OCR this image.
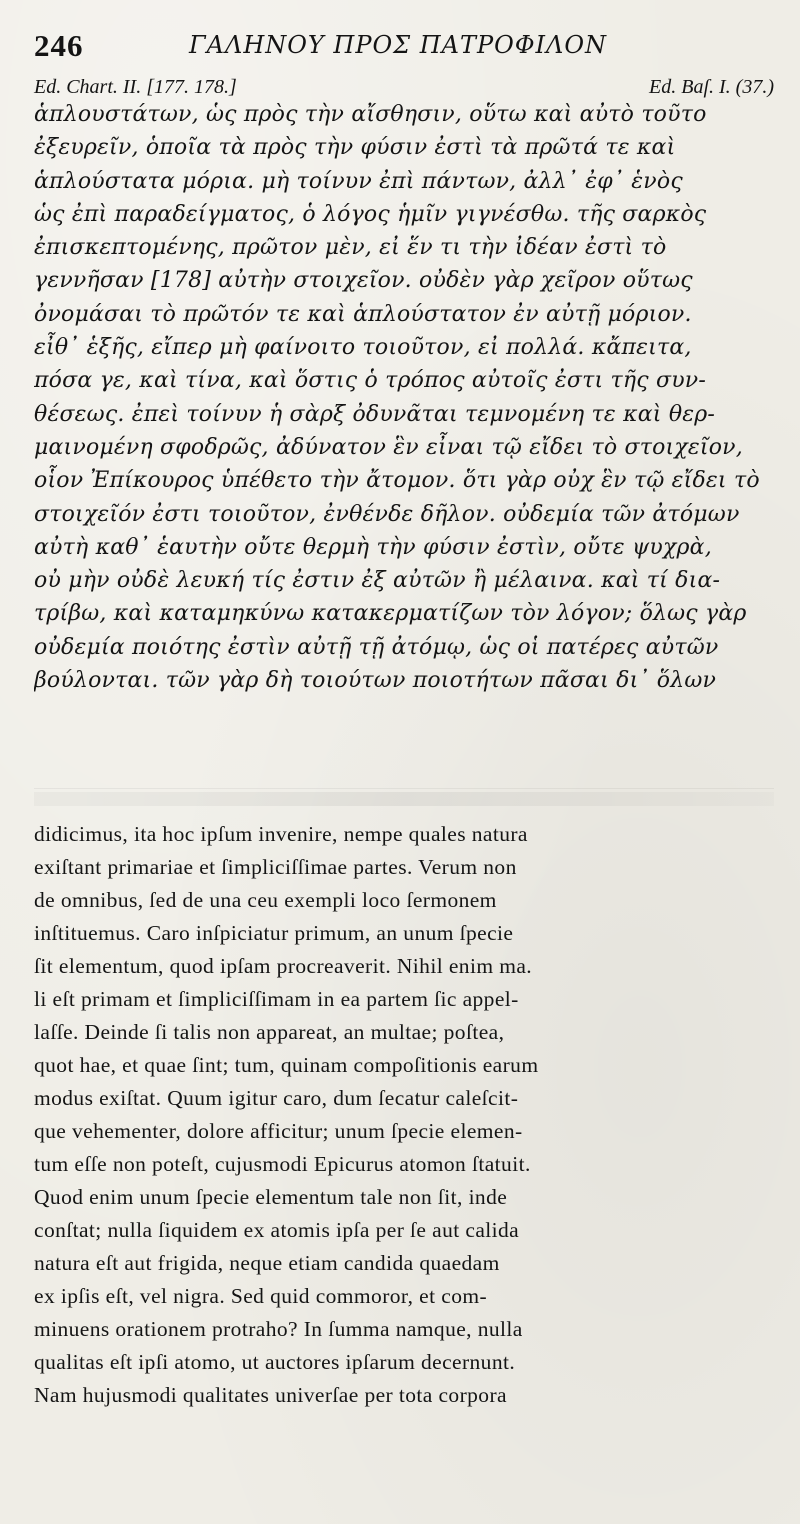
246	ΓΑΛΗΝΟΥ ΠΡΟΣ ΠΑΤΡΟΦΙΛΟΝ
Ed. Chart. II. [177. 178.]	Ed. Baſ. I. (37.)
ἁπλουστάτων, ὡς πρὸς τὴν αἴσθησιν, οὕτω καὶ αὐτὸ τοῦτο
ἐξευρεῖν, ὁποῖα τὰ πρὸς τὴν φύσιν ἐστὶ τὰ πρῶτά τε καὶ
ἁπλούστατα μόρια. μὴ τοίνυν ἐπὶ πάντων, ἀλλ᾽ ἐφ᾽ ἑνὸς
ὡς ἐπὶ παραδείγματος, ὁ λόγος ἡμῖν γιγνέσθω. τῆς σαρκὸς
ἐπισκεπτομένης, πρῶτον μὲν, εἰ ἕν τι τὴν ἰδέαν ἐστὶ τὸ
γεννῆσαν [178] αὐτὴν στοιχεῖον. οὐδὲν γὰρ χεῖρον οὕτως
ὀνομάσαι τὸ πρῶτόν τε καὶ ἁπλούστατον ἐν αὐτῇ μόριον.
εἶθ᾽ ἑξῆς, εἴπερ μὴ φαίνοιτο τοιοῦτον, εἰ πολλά. κἄπειτα,
πόσα γε, καὶ τίνα, καὶ ὅστις ὁ τρόπος αὐτοῖς ἐστι τῆς συν-
θέσεως. ἐπεὶ τοίνυν ἡ σὰρξ ὀδυνᾶται τεμνομένη τε καὶ θερ-
μαινομένη σφοδρῶς, ἀδύνατον ἓν εἶναι τῷ εἴδει τὸ στοιχεῖον,
οἷον Ἐπίκουρος ὑπέθετο τὴν ἄτομον. ὅτι γὰρ οὐχ ἓν τῷ εἴδει τὸ
στοιχεῖόν ἐστι τοιοῦτον, ἐνθένδε δῆλον. οὐδεμία τῶν ἀτόμων
αὐτὴ καθ᾽ ἑαυτὴν οὔτε θερμὴ τὴν φύσιν ἐστὶν, οὔτε ψυχρὰ,
οὐ μὴν οὐδὲ λευκή τίς ἐστιν ἐξ αὐτῶν ἢ μέλαινα. καὶ τί δια-
τρίβω, καὶ καταμηκύνω κατακερματίζων τὸν λόγον; ὅλως γὰρ
οὐδεμία ποιότης ἐστὶν αὐτῇ τῇ ἀτόμῳ, ὡς οἱ πατέρες αὐτῶν
βούλονται. τῶν γὰρ δὴ τοιούτων ποιοτήτων πᾶσαι δι᾽ ὅλων
didicimus, ita hoc ipſum invenire, nempe quales natura
exiſtant primariae et ſimpliciſſimae partes. Verum non
de omnibus, ſed de una ceu exempli loco ſermonem
inſtituemus. Caro inſpiciatur primum, an unum ſpecie
ſit elementum, quod ipſam procreaverit. Nihil enim ma.
li eſt primam et ſimpliciſſimam in ea partem ſic appel-
laſſe. Deinde ſi talis non appareat, an multae; poſtea,
quot hae, et quae ſint; tum, quinam compoſitionis earum
modus exiſtat. Quum igitur caro, dum ſecatur caleſcit-
que vehementer, dolore afficitur; unum ſpecie elemen-
tum eſſe non poteſt, cujusmodi Epicurus atomon ſtatuit.
Quod enim unum ſpecie elementum tale non ſit, inde
conſtat; nulla ſiquidem ex atomis ipſa per ſe aut calida
natura eſt aut frigida, neque etiam candida quaedam
ex ipſis eſt, vel nigra. Sed quid commoror, et com-
minuens orationem protraho? In ſumma namque, nulla
qualitas eſt ipſi atomo, ut auctores ipſarum decernunt.
Nam hujusmodi qualitates univerſae per tota corpora
